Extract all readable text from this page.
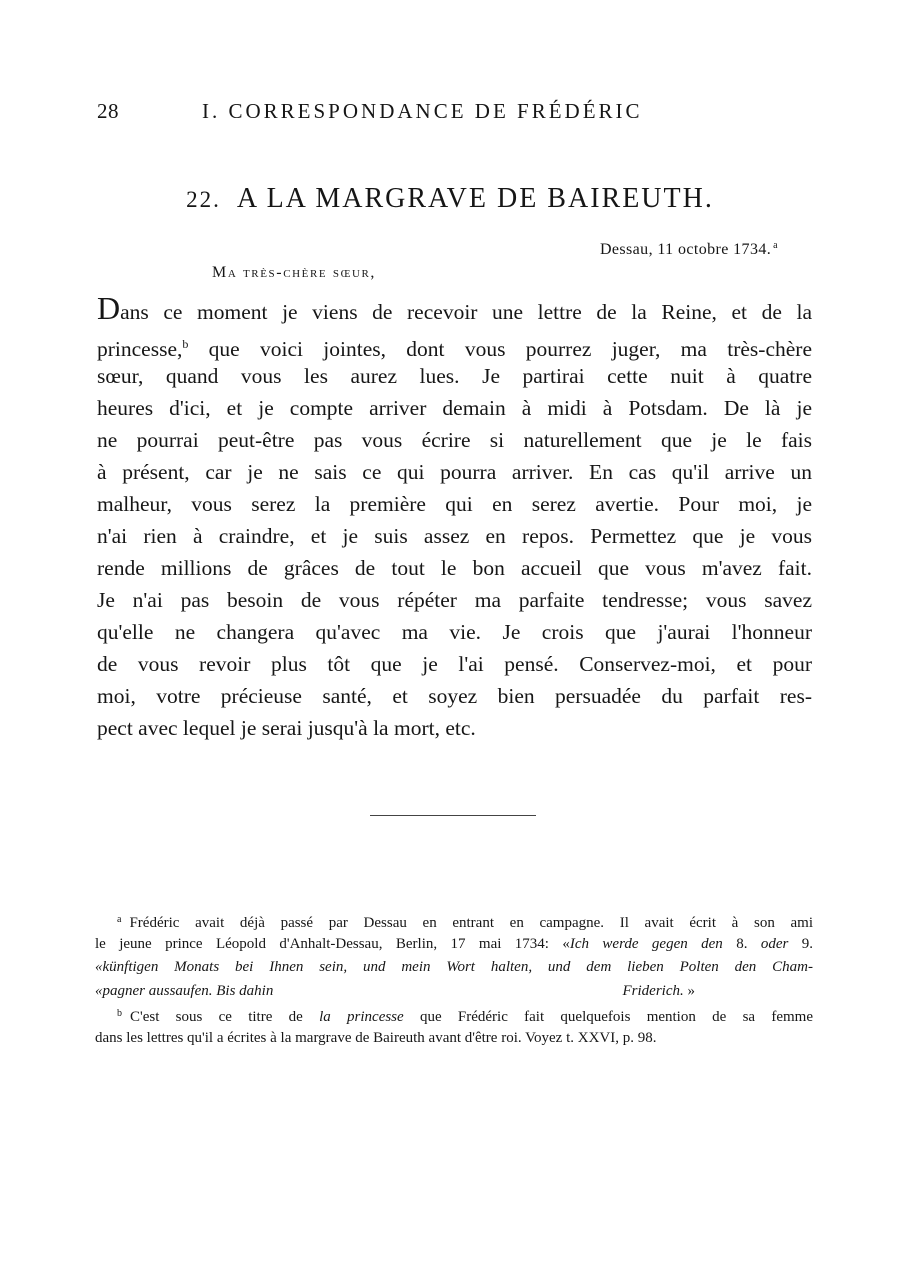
28	I. CORRESPONDANCE DE FRÉDÉRIC
22. A LA MARGRAVE DE BAIREUTH.
Dessau, 11 octobre 1734. $^a$
Ma très-chère sœur,
Dans ce moment je viens de recevoir une lettre de la Reine, et de la
princesse,$^b$ que voici jointes, dont vous pourrez juger, ma très-chère
sœur, quand vous les aurez lues. Je partirai cette nuit à quatre
heures d'ici, et je compte arriver demain à midi à Potsdam. De là je
ne pourrai peut-être pas vous écrire si naturellement que je le fais
à présent, car je ne sais ce qui pourra arriver. En cas qu'il arrive un
malheur, vous serez la première qui en serez avertie. Pour moi, je
n'ai rien à craindre, et je suis assez en repos. Permettez que je vous
rende millions de grâces de tout le bon accueil que vous m'avez fait.
Je n'ai pas besoin de vous répéter ma parfaite tendresse; vous savez
qu'elle ne changera qu'avec ma vie. Je crois que j'aurai l'honneur
de vous revoir plus tôt que je l'ai pensé. Conservez-moi, et pour
moi, votre précieuse santé, et soyez bien persuadée du parfait res-
pect avec lequel je serai jusqu'à la mort, etc.
$^a$ Frédéric avait déjà passé par Dessau en entrant en campagne. Il avait écrit à son ami
le jeune prince Léopold d'Anhalt-Dessau, Berlin, 17 mai 1734: «Ich werde gegen den 8. oder 9.
«künftigen Monats bei Ihnen sein, und mein Wort halten, und dem lieben Polten den Cham-
«pagner aussaufen. Bis dahin	Friderich. »
$^b$ C'est sous ce titre de la princesse que Frédéric fait quelquefois mention de sa femme
dans les lettres qu'il a écrites à la margrave de Baireuth avant d'être roi. Voyez t. XXVI, p. 98.
